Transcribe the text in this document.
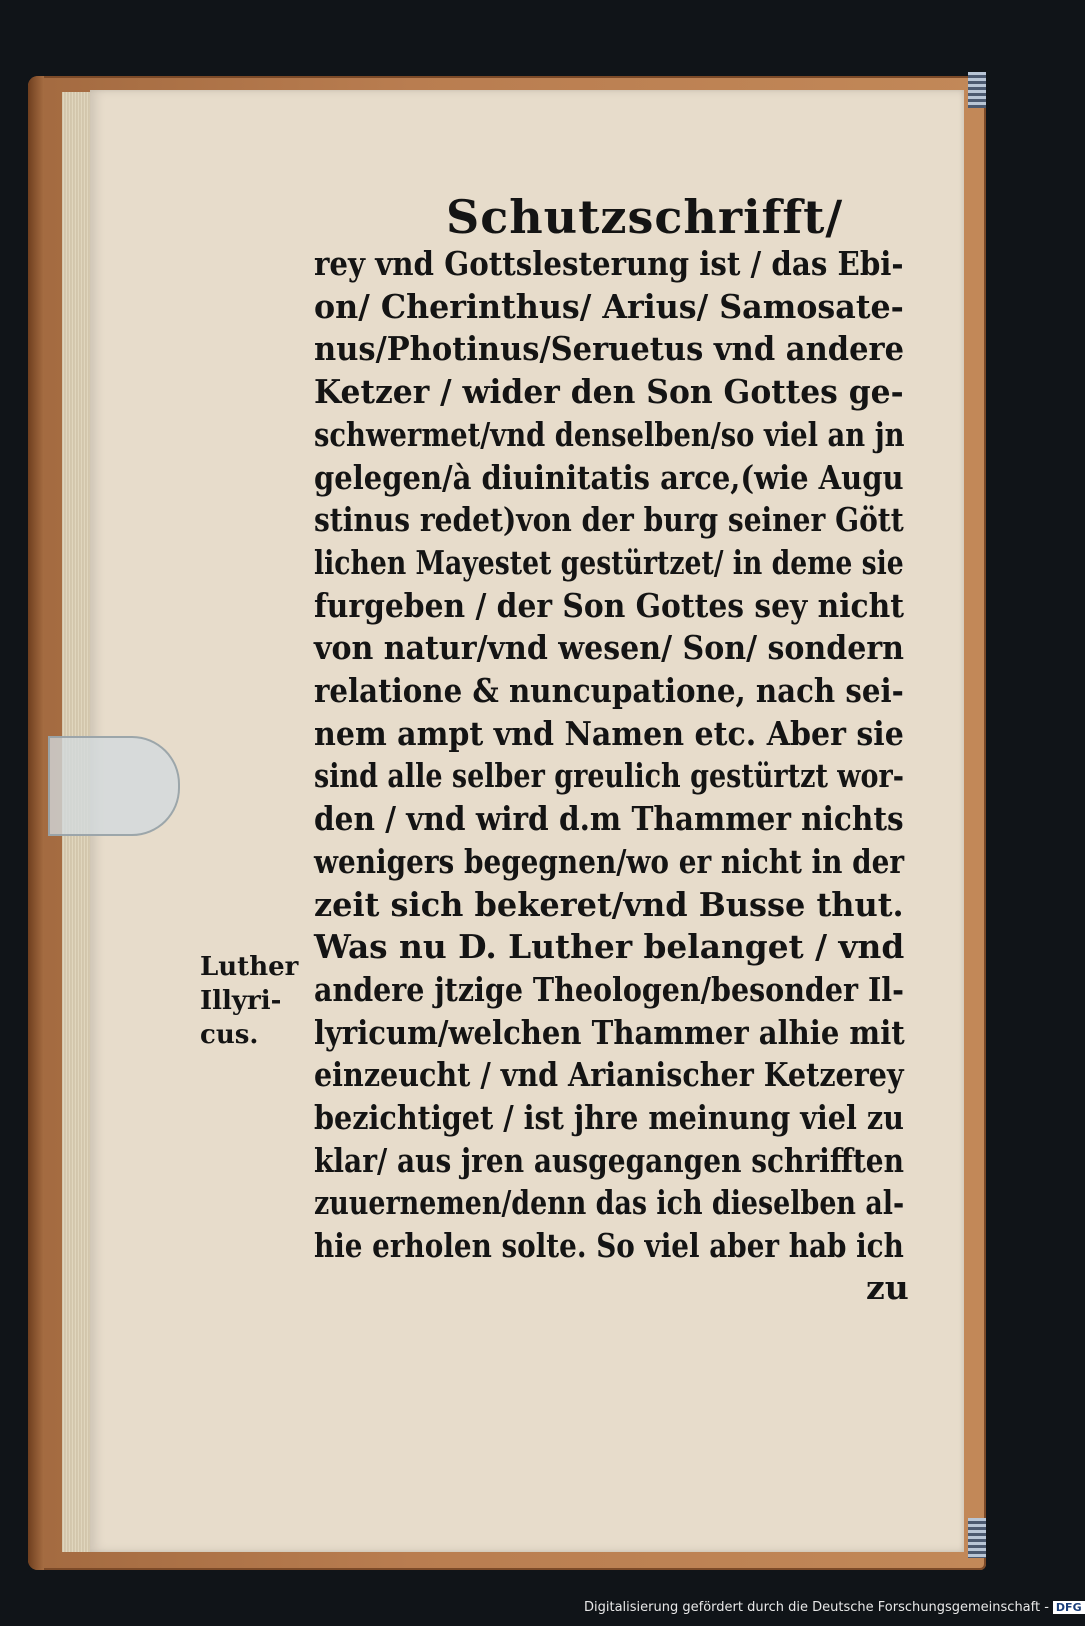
Schutzschrifft/
rey vnd Gottslesterung ist / das Ebi-
on/ Cherinthus/ Arius/ Samosate-
nus/Photinus/Seruetus vnd andere
Ketzer / wider den Son Gottes ge-
schwermet/vnd denselben/so viel an jn
gelegen/à diuinitatis arce,(wie Augu
stinus redet)von der burg seiner Gött
lichen Mayestet gestürtzet/ in deme sie
furgeben / der Son Gottes sey nicht
von natur/vnd wesen/ Son/ sondern
relatione & nuncupatione, nach sei-
nem ampt vnd Namen etc. Aber sie
sind alle selber greulich gestürtzt wor-
den / vnd wird d.m Thammer nichts
wenigers begegnen/wo er nicht in der
zeit sich bekeret/vnd Busse thut.
Was nu D. Luther belanget / vnd
andere jtzige Theologen/besonder Il-
lyricum/welchen Thammer alhie mit
einzeucht / vnd Arianischer Ketzerey
bezichtiget / ist jhre meinung viel zu
klar/ aus jren ausgegangen schrifften
zuuernemen/denn das ich dieselben al-
hie erholen solte. So viel aber hab ich
Luther
Illyri-
cus.
zu
Digitalisierung gefördert durch die Deutsche Forschungsgemeinschaft - DFG
